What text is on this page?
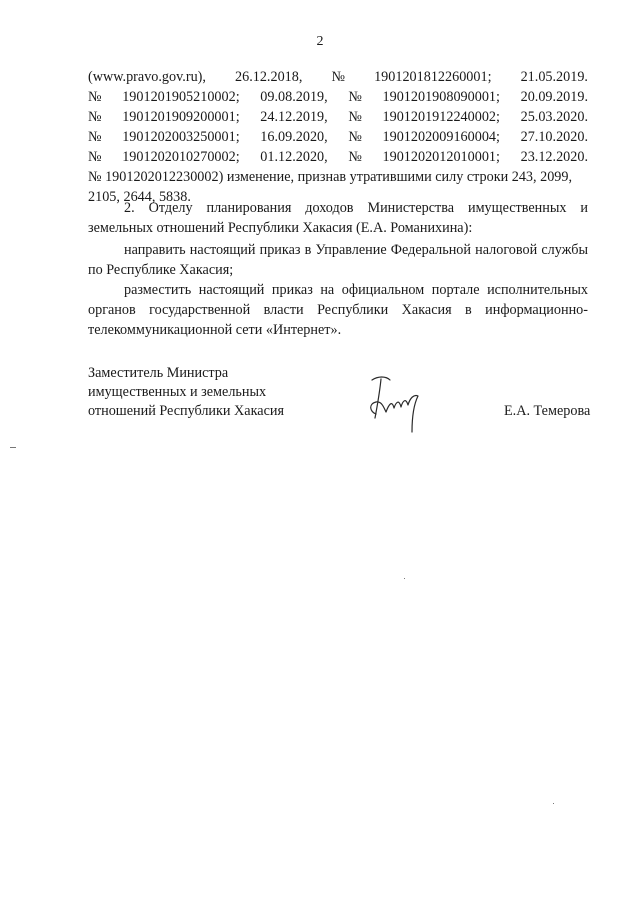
2
(www.pravo.gov.ru), 26.12.2018, № 1901201812260001; 21.05.2019.
№ 1901201905210002; 09.08.2019, № 1901201908090001; 20.09.2019.
№ 1901201909200001; 24.12.2019, № 1901201912240002; 25.03.2020.
№ 1901202003250001; 16.09.2020, № 1901202009160004; 27.10.2020.
№ 1901202010270002; 01.12.2020, № 1901202012010001; 23.12.2020.
№ 1901202012230002) изменение, признав утратившими силу строки 243, 2099,
2105, 2644, 5838.
2. Отделу планирования доходов Министерства имущественных и земельных отношений Республики Хакасия (Е.А. Романихина):
направить настоящий приказ в Управление Федеральной налоговой службы по Республике Хакасия;
разместить настоящий приказ на официальном портале исполнительных органов государственной власти Республики Хакасия в информационно-телекоммуникационной сети «Интернет».
Заместитель Министра
имущественных и земельных
отношений Республики Хакасия	Е.А. Темерова
